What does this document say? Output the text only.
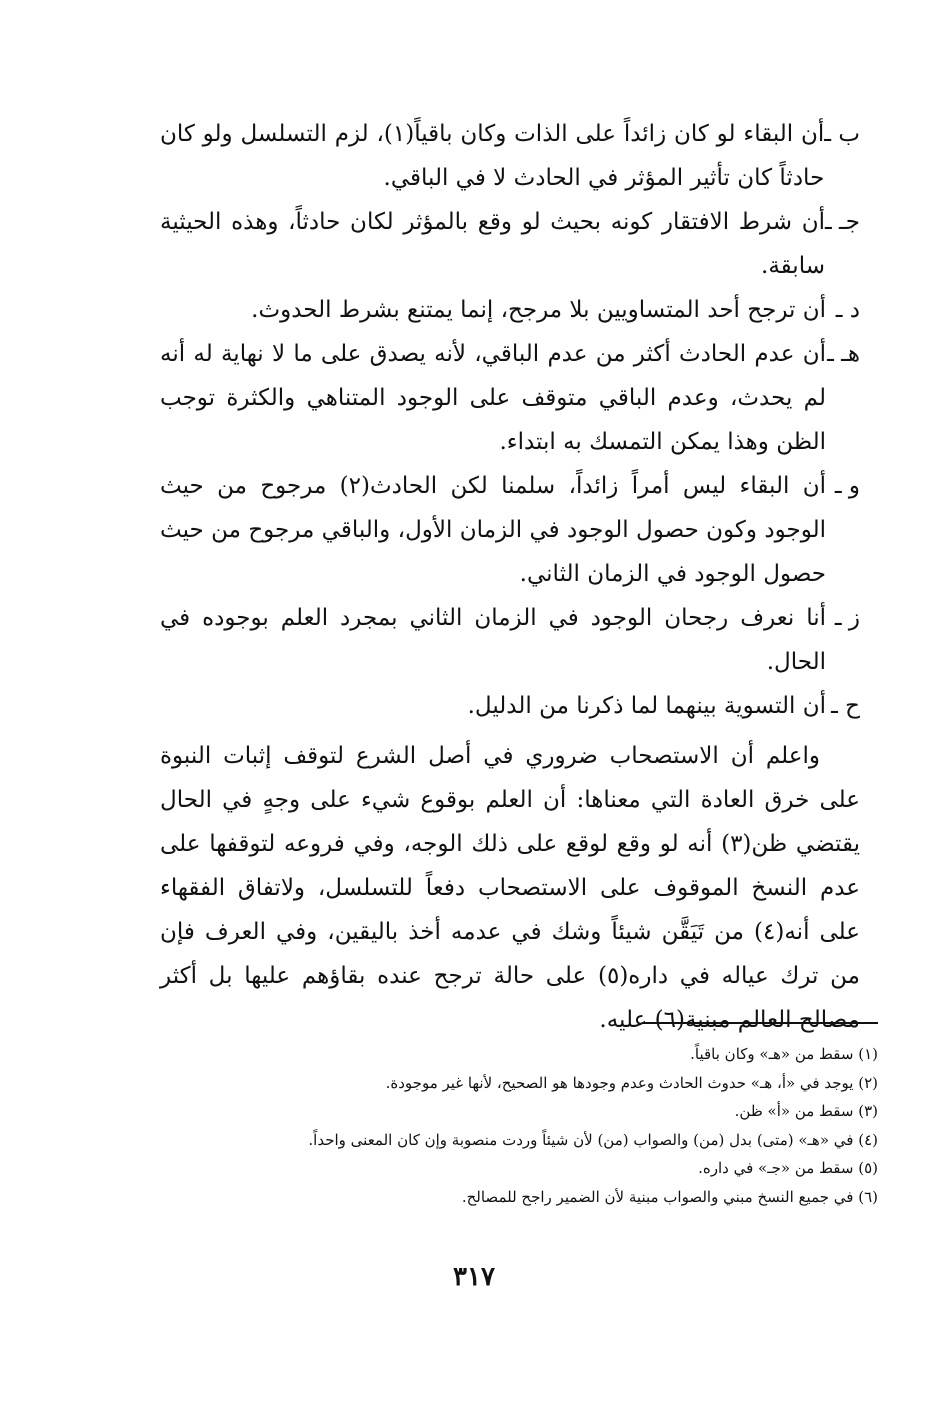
ب ـ
أن البقاء لو كان زائداً على الذات وكان باقياً(١)، لزم التسلسل ولو كان حادثاً كان تأثير المؤثر في الحادث لا في الباقي.
جـ ـ
أن شرط الافتقار كونه بحيث لو وقع بالمؤثر لكان حادثاً، وهذه الحيثية سابقة.
د ـ
أن ترجح أحد المتساويين بلا مرجح، إنما يمتنع بشرط الحدوث.
هـ ـ
أن عدم الحادث أكثر من عدم الباقي، لأنه يصدق على ما لا نهاية له أنه لم يحدث، وعدم الباقي متوقف على الوجود المتناهي والكثرة توجب الظن وهذا يمكن التمسك به ابتداء.
و ـ
أن البقاء ليس أمراً زائداً، سلمنا لكن الحادث(٢) مرجوح من حيث الوجود وكون حصول الوجود في الزمان الأول، والباقي مرجوح من حيث حصول الوجود في الزمان الثاني.
ز ـ
أنا نعرف رجحان الوجود في الزمان الثاني بمجرد العلم بوجوده في الحال.
ح ـ
أن التسوية بينهما لما ذكرنا من الدليل.

واعلم أن الاستصحاب ضروري في أصل الشرع لتوقف إثبات النبوة على خرق العادة التي معناها: أن العلم بوقوع شيء على وجهٍ في الحال يقتضي ظن(٣) أنه لو وقع لوقع على ذلك الوجه، وفي فروعه لتوقفها على عدم النسخ الموقوف على الاستصحاب دفعاً للتسلسل، ولاتفاق الفقهاء على أنه(٤) من تَيَقَّن شيئاً وشك في عدمه أخذ باليقين، وفي العرف فإن من ترك عياله في داره(٥) على حالة ترجح عنده بقاؤهم عليها بل أكثر مصالح العالم مبنية(٦) عليه.

(١) سقط من «هـ» وكان باقياً.
(٢) يوجد في «أ، هـ» حدوث الحادث وعدم وجودها هو الصحيح، لأنها غير موجودة.
(٣) سقط من «أ» ظن.
(٤) في «هـ» (متى) بدل (من) والصواب (من) لأن شيئاً وردت منصوبة وإن كان المعنى واحداً.
(٥) سقط من «جـ» في داره.
(٦) في جميع النسخ مبني والصواب مبنية لأن الضمير راجح للمصالح.
٣١٧
